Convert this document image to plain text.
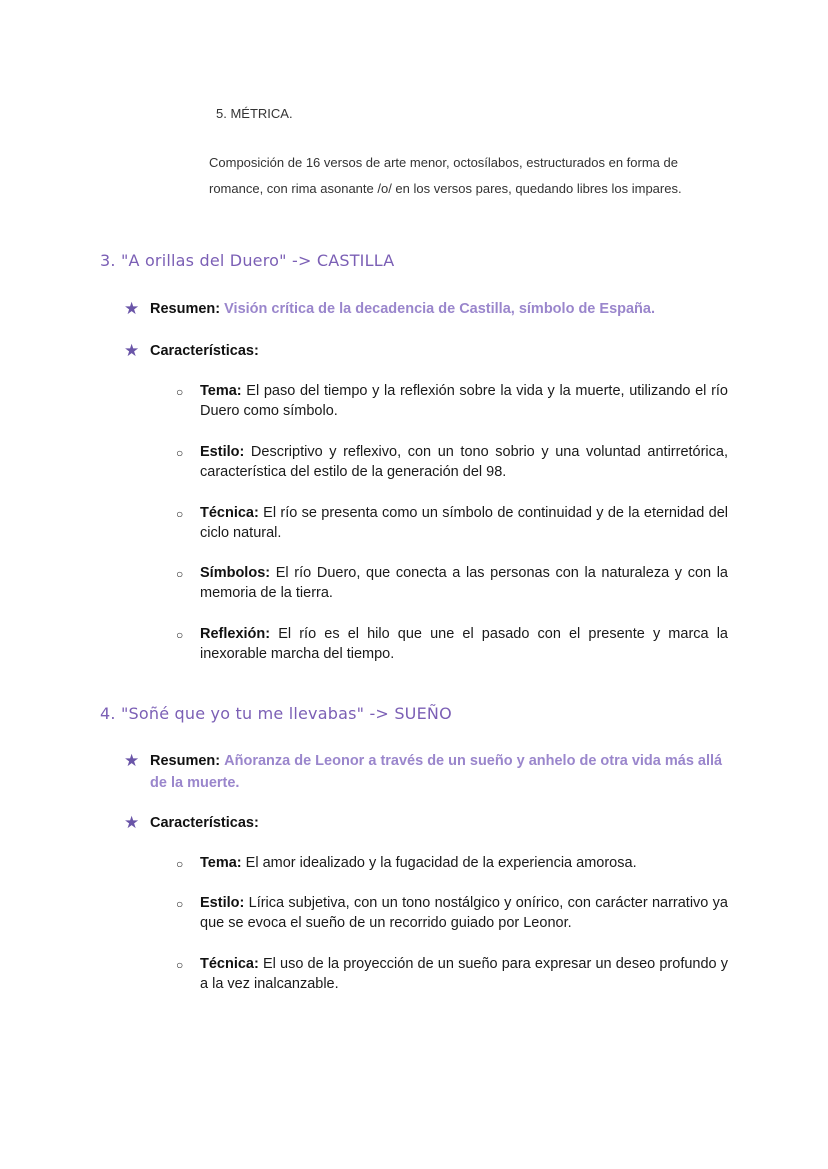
5. MÉTRICA.
Composición de 16 versos de arte menor, octosílabos, estructurados en forma de romance, con rima asonante /o/ en los versos pares, quedando libres los impares.
3. "A orillas del Duero" -> CASTILLA
★ Resumen: Visión crítica de la decadencia de Castilla, símbolo de España.
★ Características:
○	Tema: El paso del tiempo y la reflexión sobre la vida y la muerte, utilizando el río Duero como símbolo.
○	Estilo: Descriptivo y reflexivo, con un tono sobrio y una voluntad antirretórica, característica del estilo de la generación del 98.
○	Técnica: El río se presenta como un símbolo de continuidad y de la eternidad del ciclo natural.
○	Símbolos: El río Duero, que conecta a las personas con la naturaleza y con la memoria de la tierra.
○	Reflexión: El río es el hilo que une el pasado con el presente y marca la inexorable marcha del tiempo.
4. "Soñé que yo tu me llevabas" -> SUEÑO
★ Resumen: Añoranza de Leonor a través de un sueño y anhelo de otra vida más allá de la muerte.
★ Características:
○	Tema: El amor idealizado y la fugacidad de la experiencia amorosa.
○	Estilo: Lírica subjetiva, con un tono nostálgico y onírico, con carácter narrativo ya que se evoca el sueño de un recorrido guiado por Leonor.
○	Técnica: El uso de la proyección de un sueño para expresar un deseo profundo y a la vez inalcanzable.
